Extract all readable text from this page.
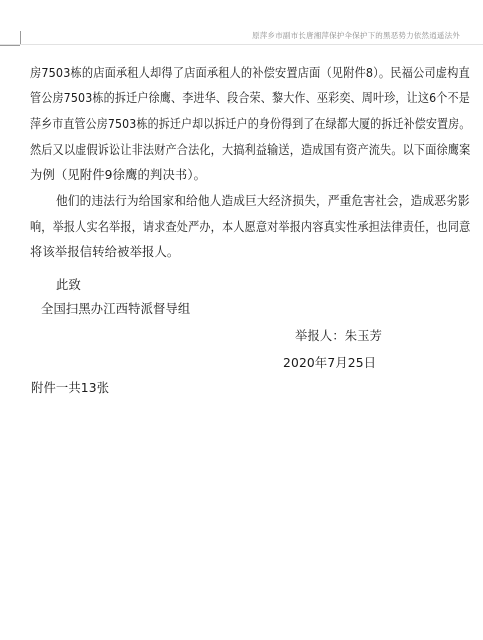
原萍乡市副市长唐湘萍保护伞保护下的黑恶势力依然逍遥法外
房7503栋的店面承租人却得了店面承租人的补偿安置店面（见附件8）。民福公司虚构直
管公房7503栋的拆迁户徐鹰、李进华、段合荣、黎大作、巫彩奕、周叶珍，让这6个不是
萍乡市直管公房7503栋的拆迁户却以拆迁户的身份得到了在绿都大厦的拆迁补偿安置房。
然后又以虚假诉讼让非法财产合法化，大搞利益输送，造成国有资产流失。以下面徐鹰案
为例（见附件9徐鹰的判决书）。
他们的违法行为给国家和给他人造成巨大经济损失，严重危害社会，造成恶劣影
响，举报人实名举报，请求查处严办，本人愿意对举报内容真实性承担法律责任，也同意
将该举报信转给被举报人。
此致
全国扫黑办江西特派督导组
举报人：朱玉芳
2020年7月25日
附件一共13张
